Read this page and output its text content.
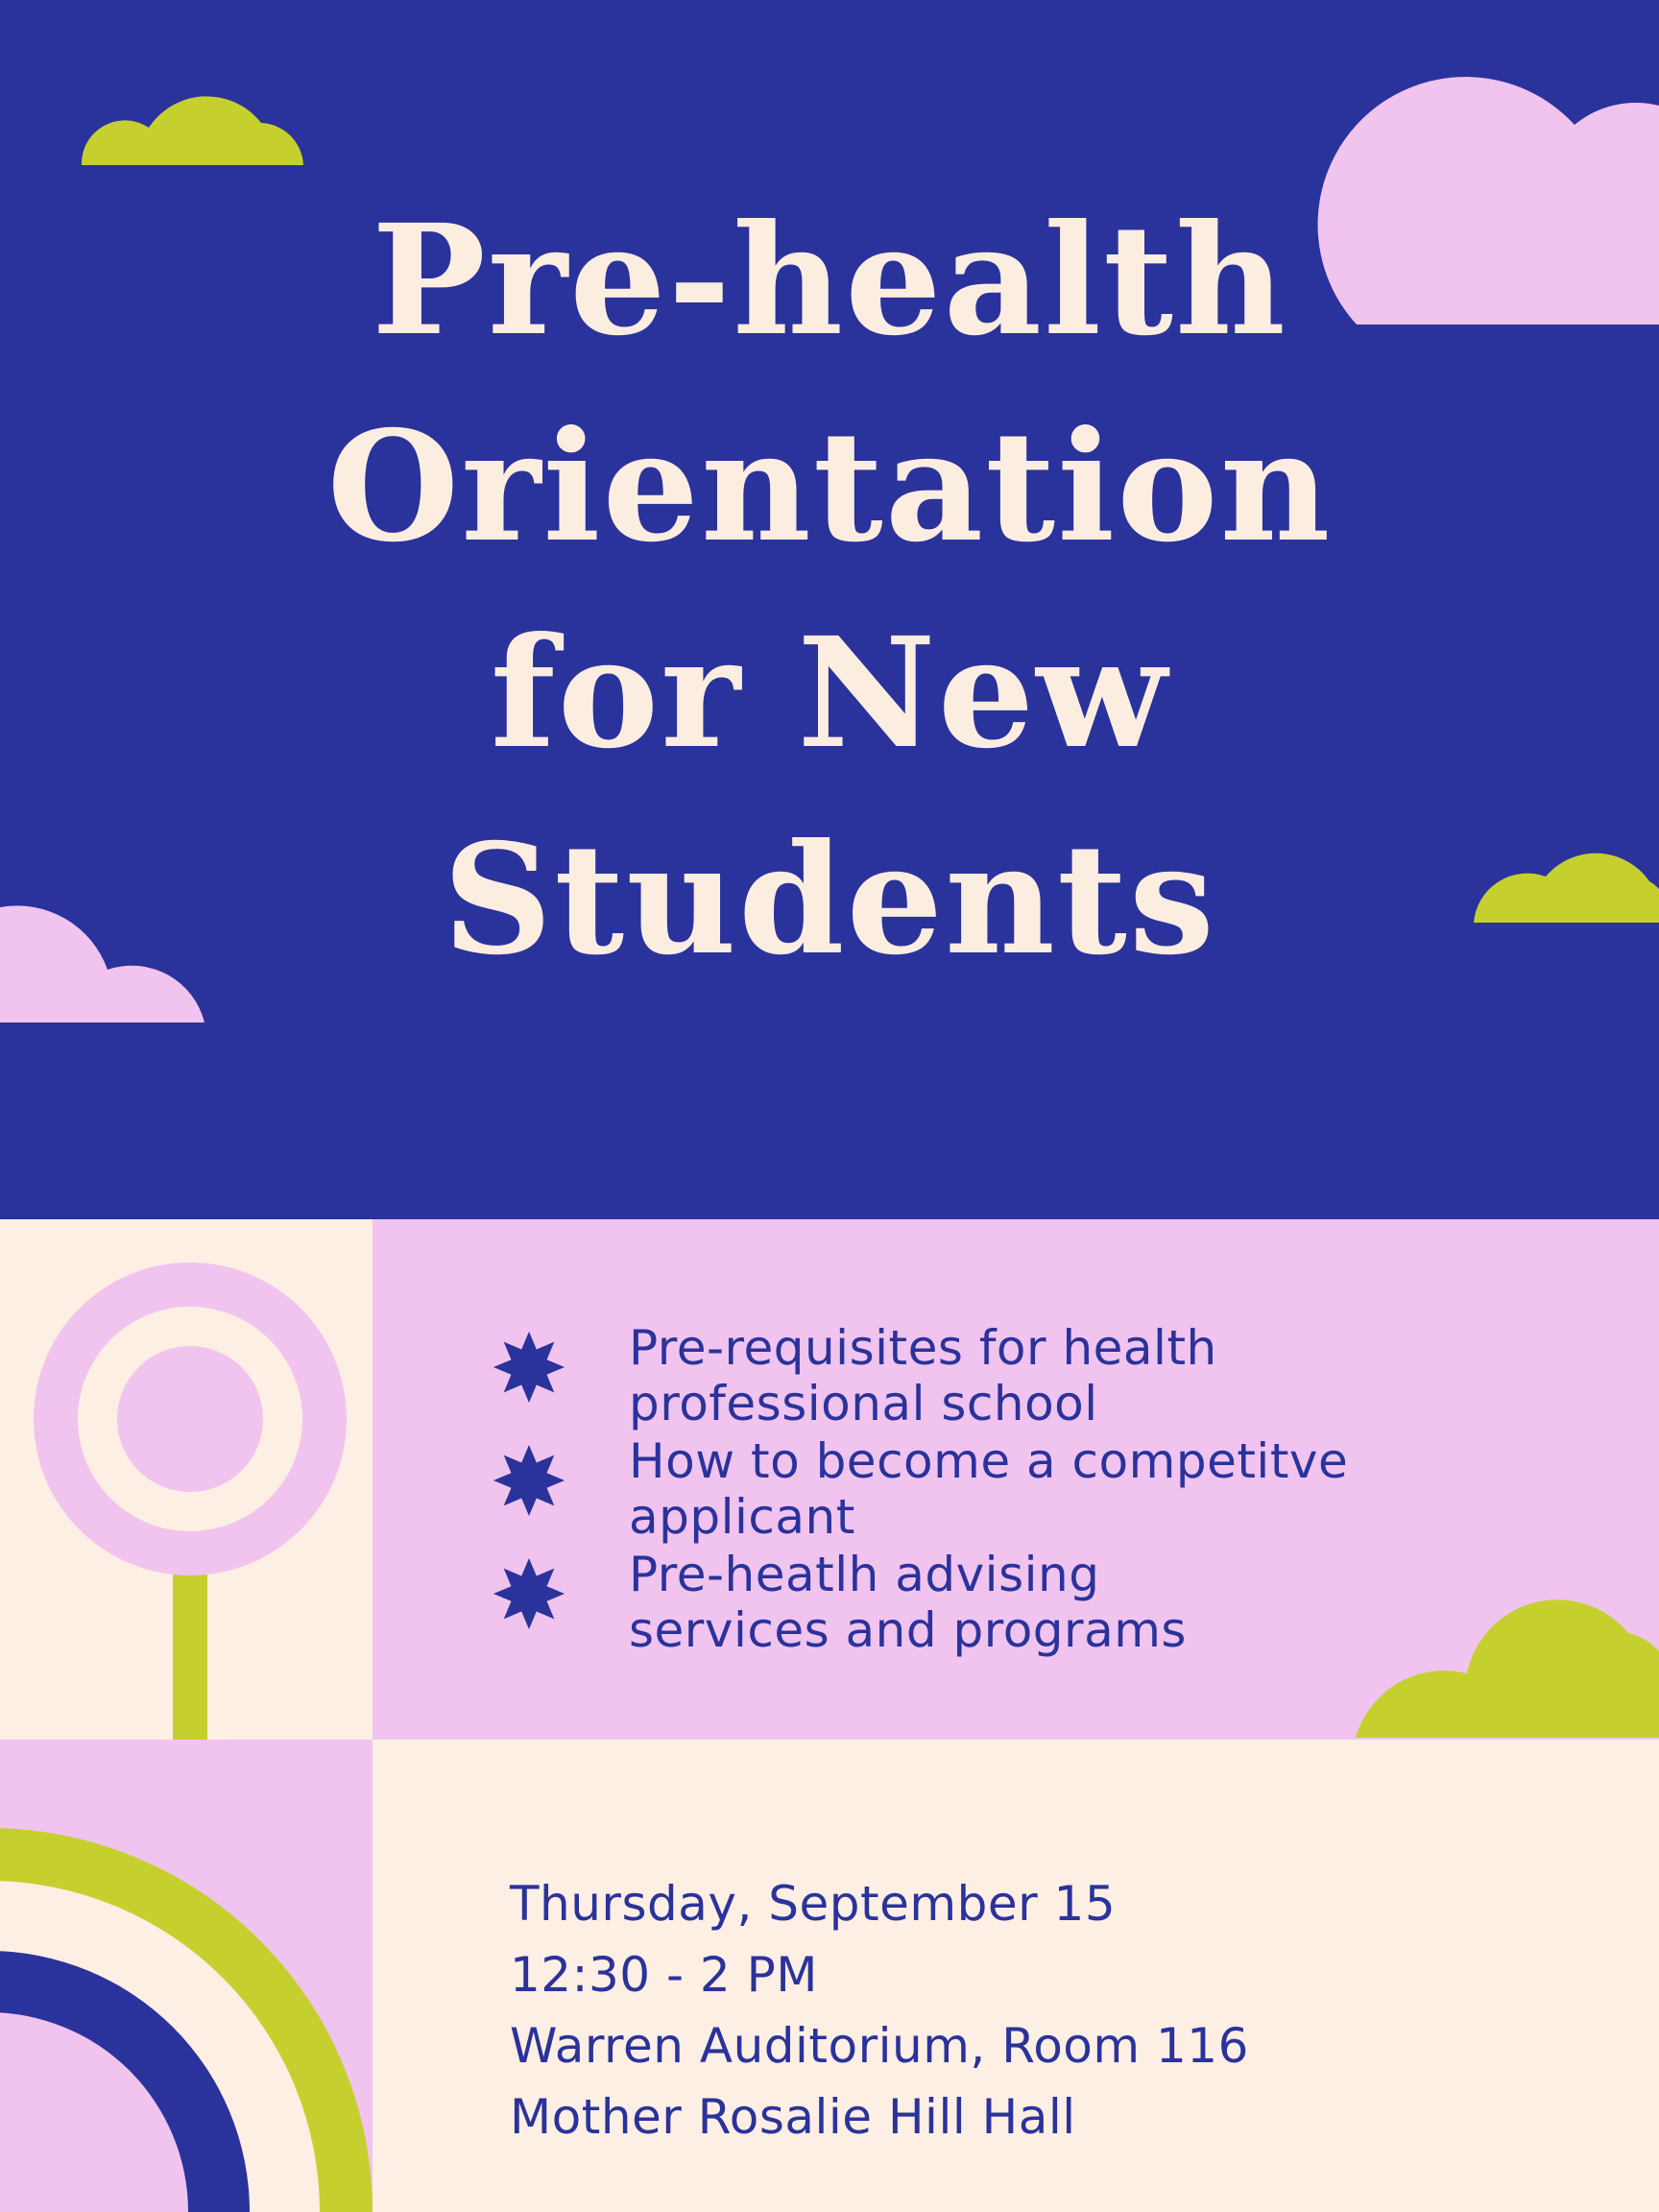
Pre-health
Orientation
for New
Students
Pre-requisites for health
professional school
How to become a competitve
applicant
Pre-heatlh advising
services and programs
Thursday, September 15
12:30 - 2 PM
Warren Auditorium, Room 116
Mother Rosalie Hill Hall
